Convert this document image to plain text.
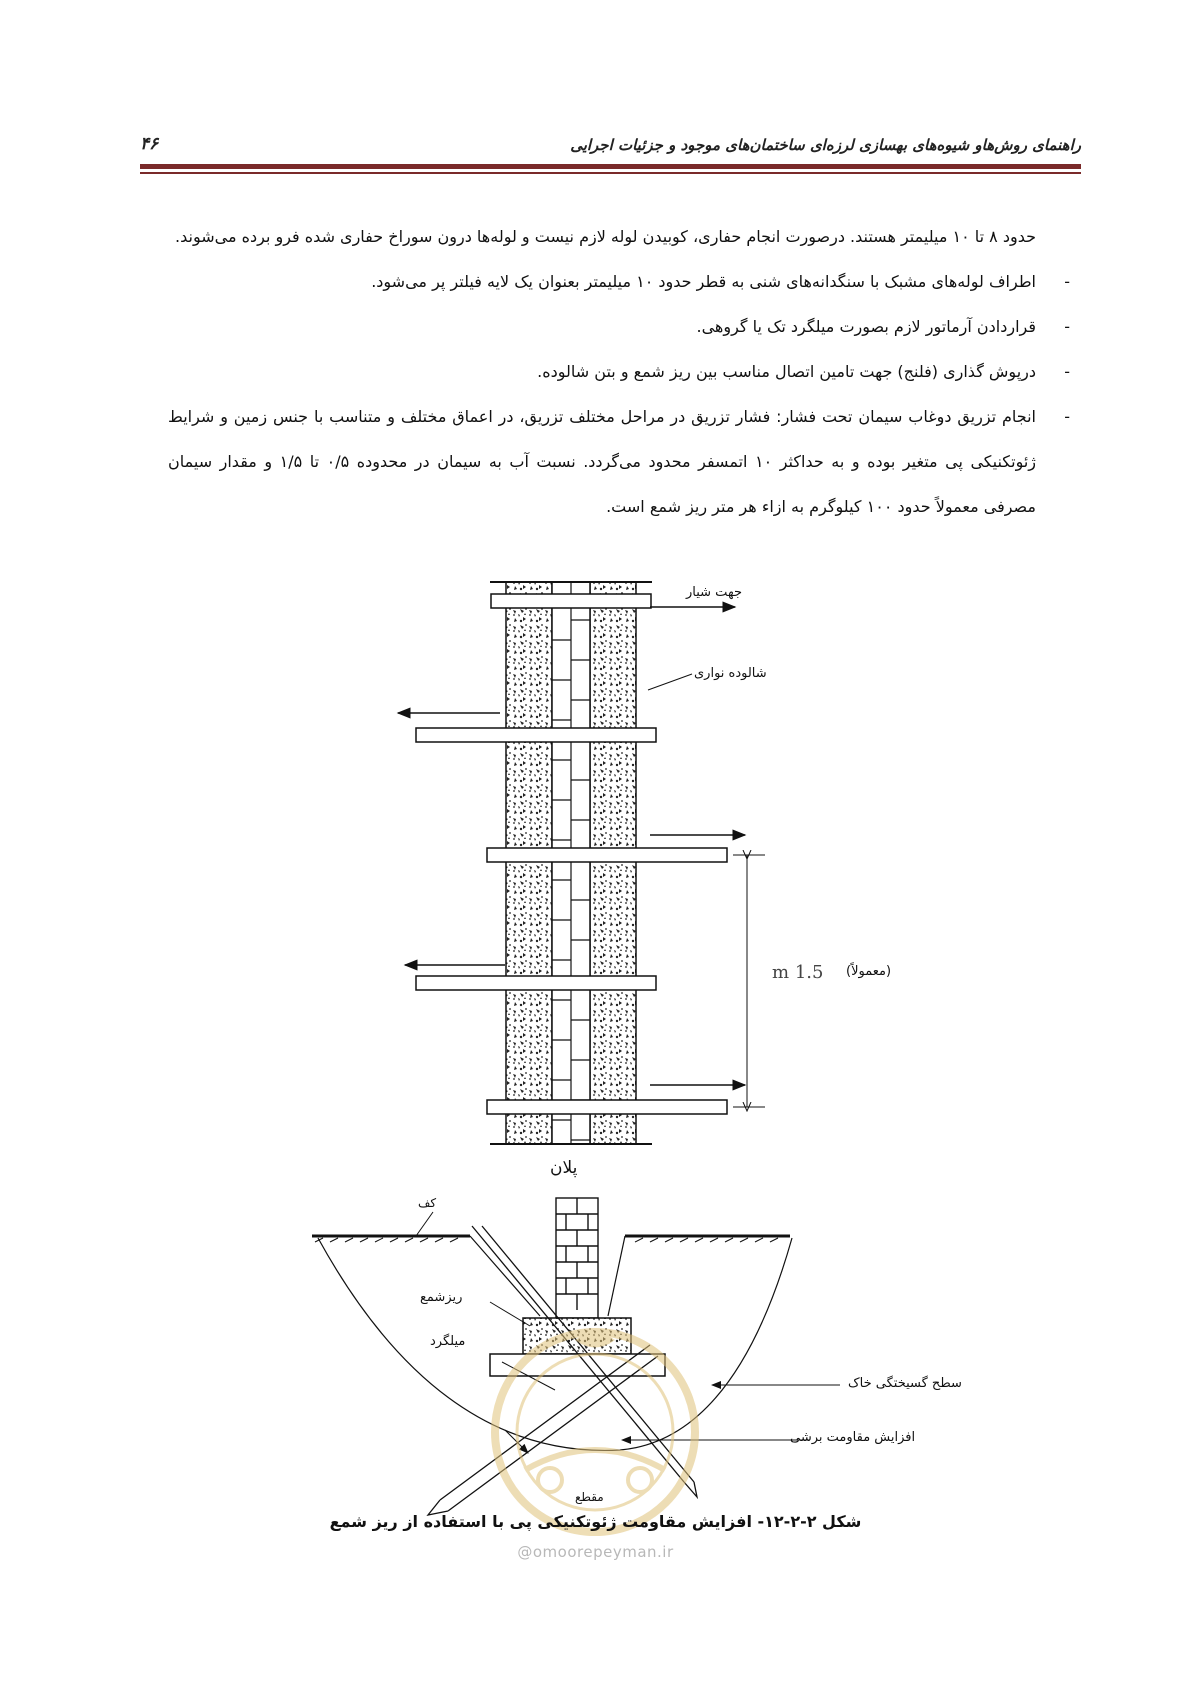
راهنمای روش‌هاو شیوه‌های بهسازی لرزه‌ای ساختمان‌های موجود و جزئیات اجرایی
۴۶

حدود ۸ تا ۱۰ میلیمتر هستند. درصورت انجام حفاری، کوبیدن لوله لازم نیست و لوله‌ها درون سوراخ حفاری شده فرو برده می‌شوند.

-
اطراف لوله‌های مشبک با سنگدانه‌های شنی به قطر حدود ۱۰ میلیمتر بعنوان یک لایه فیلتر پر می‌شود.
-
قراردادن آرماتور لازم بصورت میلگرد تک یا گروهی.
-
درپوش گذاری (فلنج) جهت تامین اتصال مناسب بین ریز شمع و بتن شالوده.
-
انجام تزریق دوغاب سیمان تحت فشار: فشار تزریق در مراحل مختلف تزریق، در اعماق مختلف و متناسب با جنس زمین و شرایط ژئوتکنیکی پی متغیر بوده و به حداکثر ۱۰ اتمسفر محدود می‌گردد. نسبت آب به سیمان در محدوده ۰/۵ تا ۱/۵ و مقدار سیمان مصرفی معمولاً حدود ۱۰۰ کیلوگرم به ازاء هر متر ریز شمع است.
جهت شیار
شالوده نواری
1.5 m (معمولاً)
پلان
کف
ریزشمع
میلگرد
سطح گسیختگی خاک
افزایش مقاومت برشی
مقطع
شکل ۲-۲-۱۲- افزایش مقاومت ژئوتکنیکی پی با استفاده از ریز شمع
@omoorepeyman.ir
